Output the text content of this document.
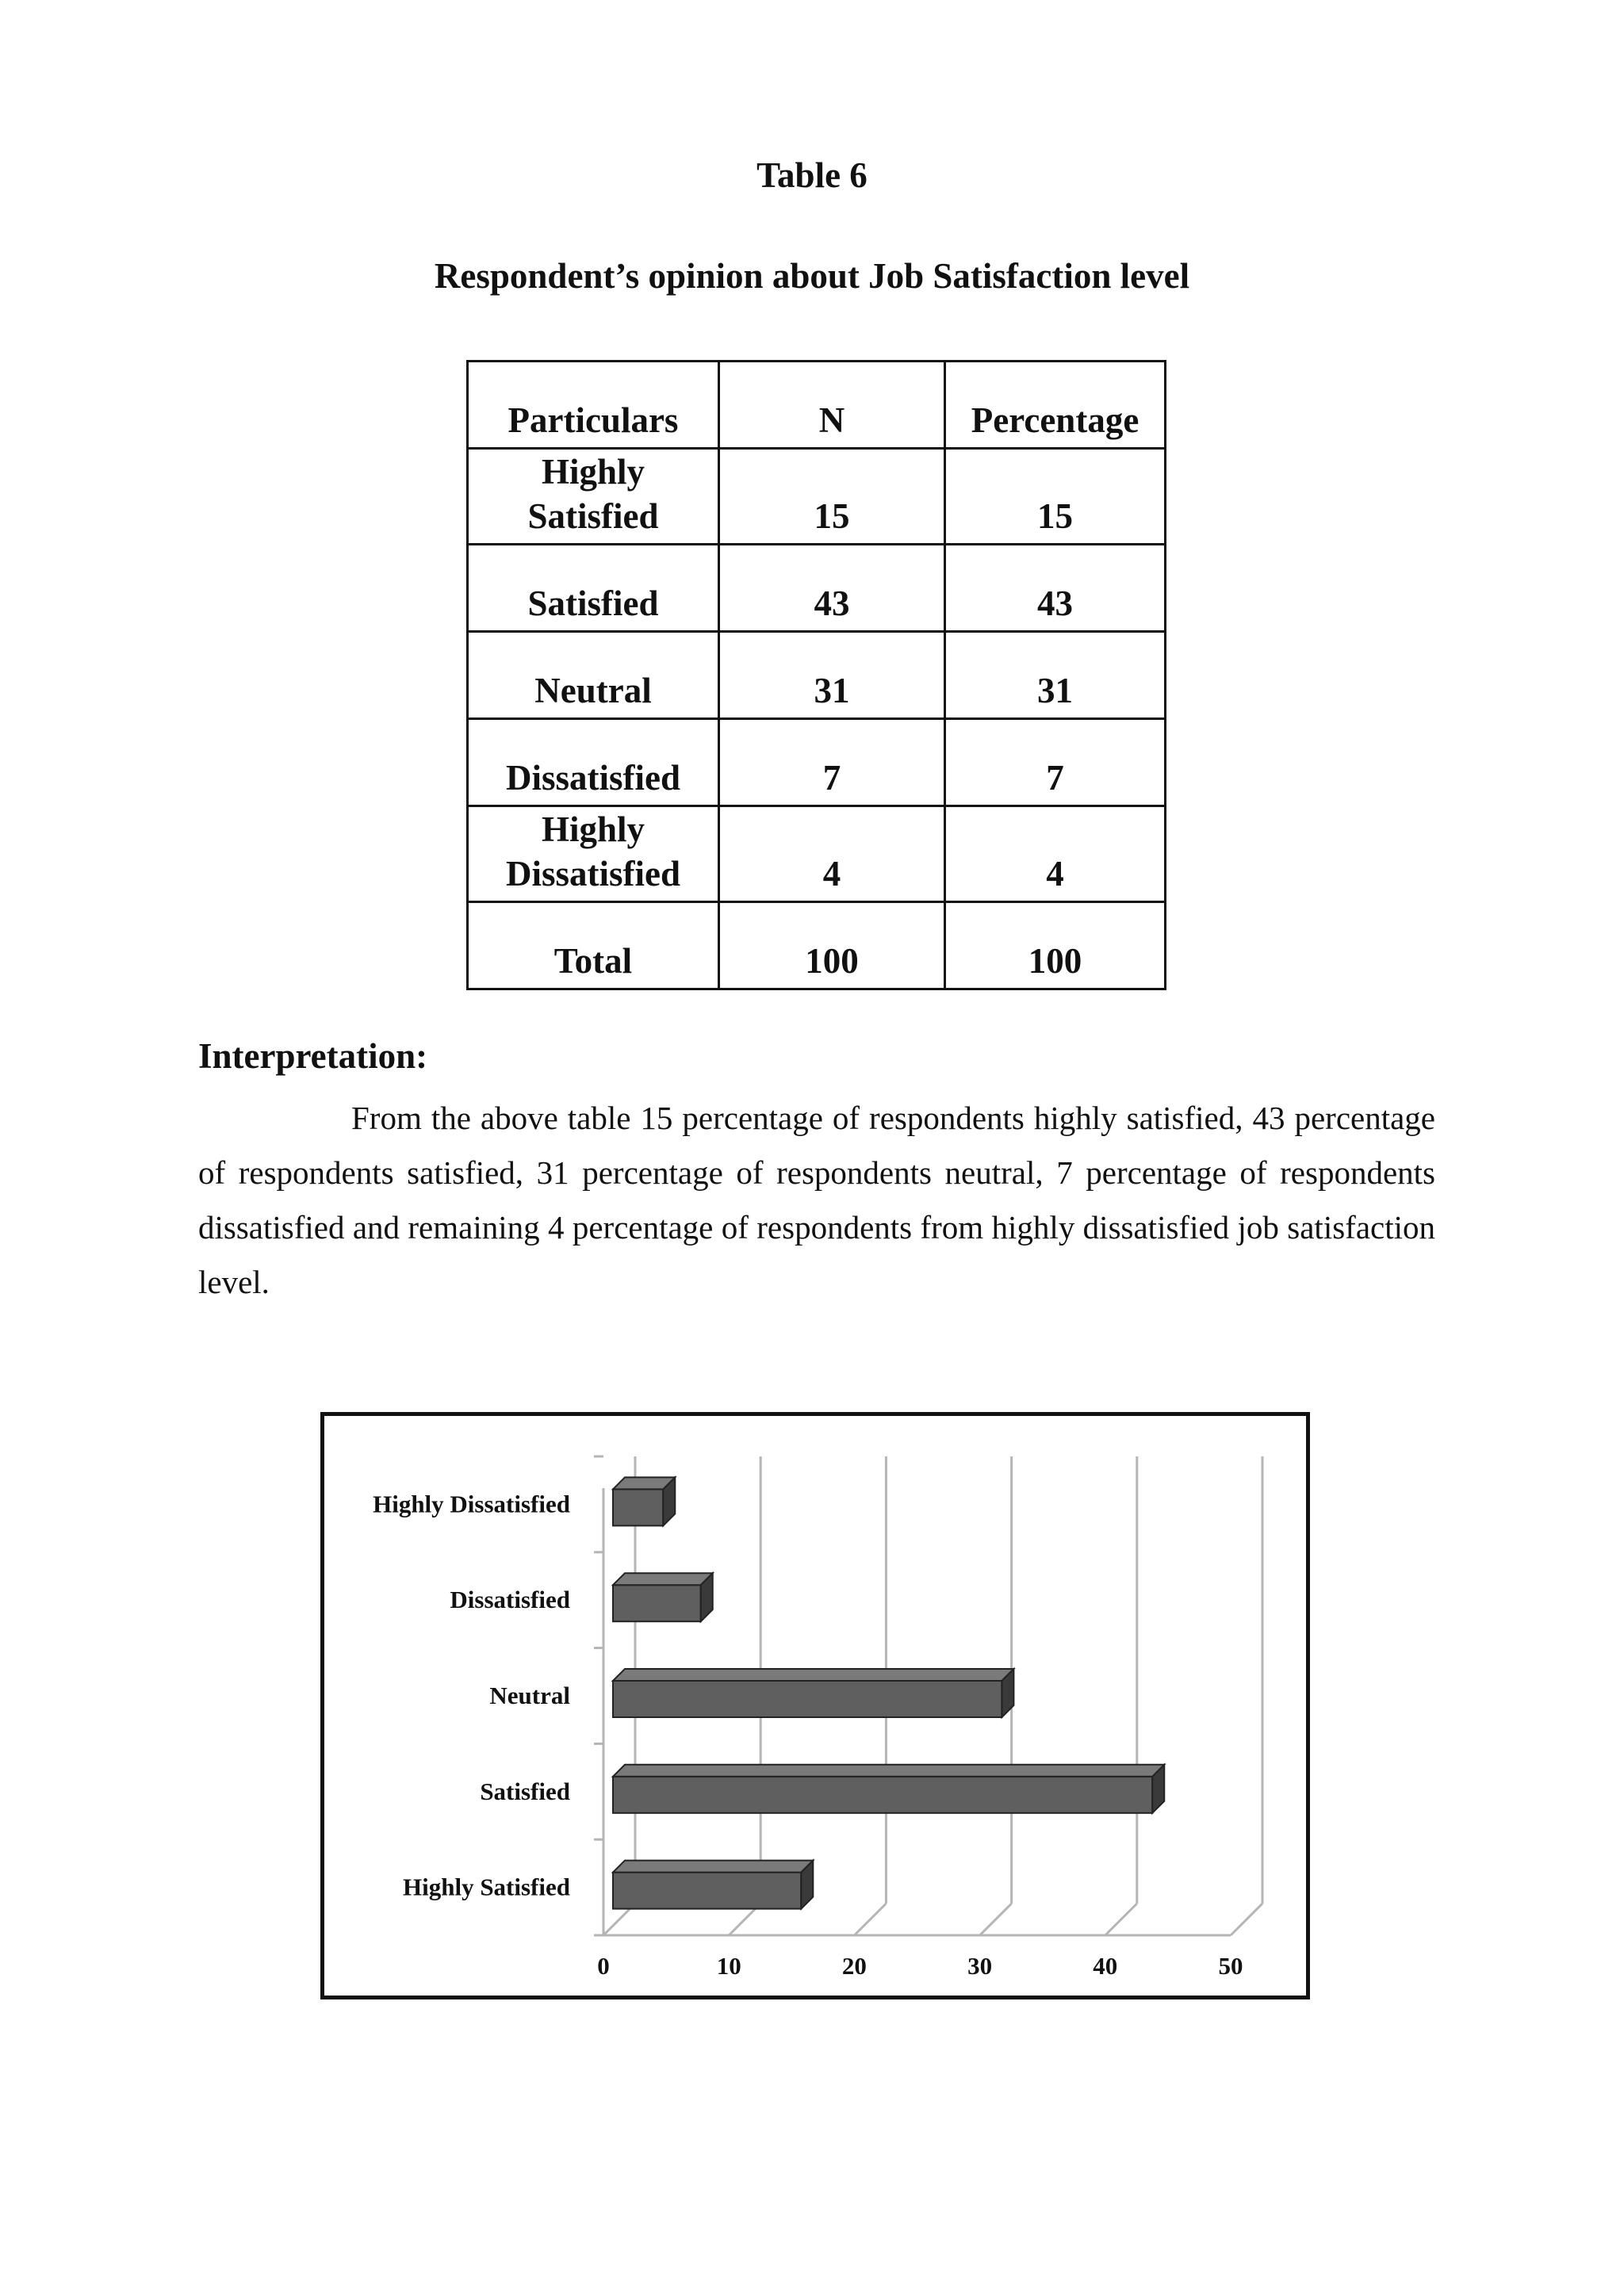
Table 6
Respondent’s opinion about Job Satisfaction level
Particulars	N	Percentage

Highly
Satisfied	15	15

Satisfied	43	43

Neutral	31	31

Dissatisfied	7	7

Highly
Dissatisfied	4	4

Total	100	100
Interpretation:
From the above table 15 percentage of respondents highly satisfied, 43 percentage of respondents satisfied, 31 percentage of respondents neutral, 7 percentage of respondents dissatisfied and remaining 4 percentage of respondents from highly dissatisfied job satisfaction level.
Highly Satisfied
Satisfied
Neutral
Dissatisfied
Highly Dissatisfied
0	10	20	30	40	50
